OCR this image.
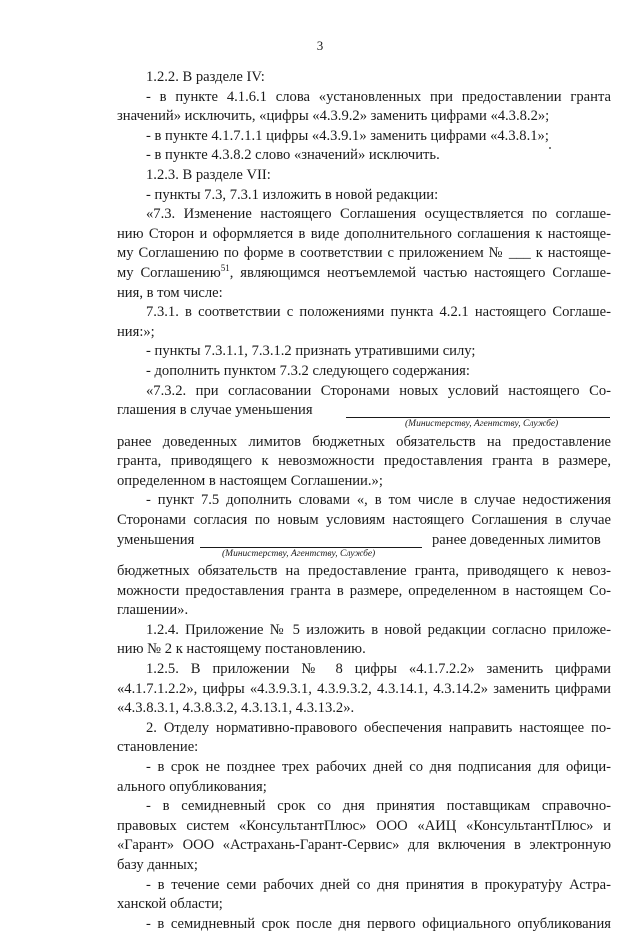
3
1.2.2. В разделе IV:
- в пункте 4.1.6.1 слова «установленных при предоставлении гранта
значений» исключить, «цифры «4.3.9.2» заменить цифрами «4.3.8.2»;
- в пункте 4.1.7.1.1 цифры «4.3.9.1» заменить цифрами «4.3.8.1»;
- в пункте 4.3.8.2 слово «значений» исключить.
1.2.3. В разделе VII:
- пункты 7.3, 7.3.1 изложить в новой редакции:
«7.3. Изменение настоящего Соглашения осуществляется по соглаше-
нию Сторон и оформляется в виде дополнительного соглашения к настояще-
му Соглашению по форме в соответствии с приложением № ___ к настояще-
му Соглашению$^{51}$, являющимся неотъемлемой частью настоящего Соглаше-
ния, в том числе:
7.3.1. в соответствии с положениями пункта 4.2.1 настоящего Соглаше-
ния:»;
- пункты 7.3.1.1, 7.3.1.2 признать утратившими силу;
- дополнить пунктом 7.3.2 следующего содержания:
«7.3.2. при согласовании Сторонами новых условий настоящего Со-
глашения в случае уменьшения
(Министерству, Агентству, Службе)
ранее доведенных лимитов бюджетных обязательств на предоставление
гранта, приводящего к невозможности предоставления гранта в размере,
определенном в настоящем Соглашении.»;
- пункт 7.5 дополнить словами «, в том числе в случае недостижения
Сторонами согласия по новым условиям настоящего Соглашения в случае
уменьшения	ранее доведенных лимитов
(Министерству, Агентству, Службе)
бюджетных обязательств на предоставление гранта, приводящего к невоз-
можности предоставления гранта в размере, определенном в настоящем Со-
глашении».
1.2.4. Приложение № 5 изложить в новой редакции согласно приложе-
нию № 2 к настоящему постановлению.
1.2.5. В приложении № 8 цифры «4.1.7.2.2» заменить цифрами
«4.1.7.1.2.2», цифры «4.3.9.3.1, 4.3.9.3.2, 4.3.14.1, 4.3.14.2» заменить цифрами
«4.3.8.3.1, 4.3.8.3.2, 4.3.13.1, 4.3.13.2».
2. Отделу нормативно-правового обеспечения направить настоящее по-
становление:
- в срок не позднее трех рабочих дней со дня подписания для офици-
ального опубликования;
- в семидневный срок со дня принятия поставщикам справочно-
правовых систем «КонсультантПлюс» ООО «АИЦ «КонсультантПлюс» и
«Гарант» ООО «Астрахань-Гарант-Сервис» для включения в электронную
базу данных;
- в течение семи рабочих дней со дня принятия в прокуратуру Астра-
ханской области;
- в семидневный срок после дня первого официального опубликования
